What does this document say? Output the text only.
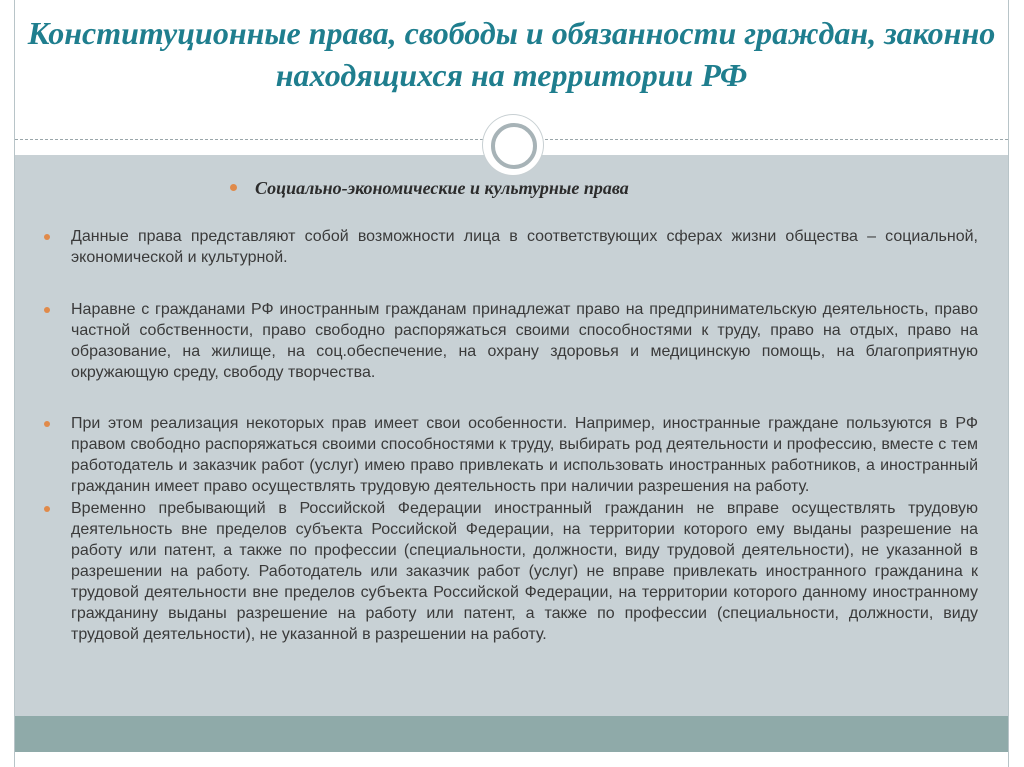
Конституционные права, свободы и обязанности граждан, законно находящихся на территории РФ
Социально-экономические и культурные права
Данные права представляют собой возможности лица в соответствующих сферах жизни общества – социальной, экономической и культурной.
Наравне с гражданами РФ иностранным гражданам принадлежат право на предпринимательскую деятельность, право частной собственности, право свободно распоряжаться своими способностями к труду, право на отдых, право на образование, на жилище, на соц.обеспечение, на охрану здоровья и медицинскую помощь, на благоприятную окружающую среду, свободу творчества.
При этом реализация некоторых прав имеет свои особенности. Например, иностранные граждане пользуются в РФ правом свободно распоряжаться своими способностями к труду, выбирать род деятельности и профессию, вместе с тем работодатель и заказчик работ (услуг) имею право привлекать и использовать иностранных работников, а иностранный гражданин имеет право осуществлять трудовую деятельность при наличии разрешения на работу.
Временно пребывающий в Российской Федерации иностранный гражданин не вправе осуществлять трудовую деятельность вне пределов субъекта Российской Федерации, на территории которого ему выданы разрешение на работу или патент, а также по профессии (специальности, должности, виду трудовой деятельности), не указанной в разрешении на работу. Работодатель или заказчик работ (услуг) не вправе привлекать иностранного гражданина к трудовой деятельности вне пределов субъекта Российской Федерации, на территории которого данному иностранному гражданину выданы разрешение на работу или патент, а также по профессии (специальности, должности, виду трудовой деятельности), не указанной в разрешении на работу.
